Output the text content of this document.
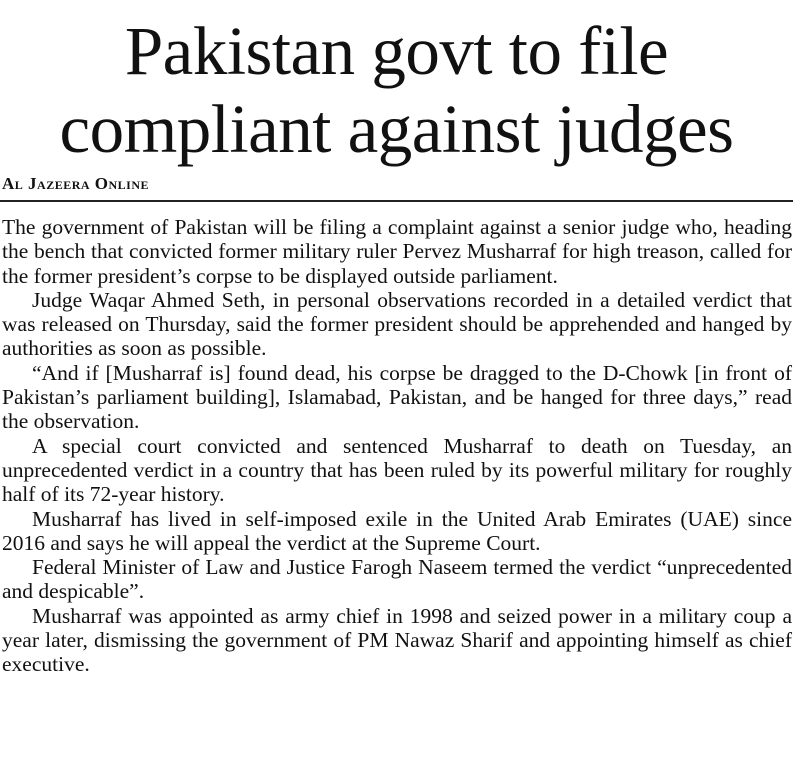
Pakistan govt to file
compliant against judges
Al Jazeera Online

The government of Pakistan will be filing a complaint against a senior judge who, heading the bench that convicted former military ruler Pervez Musharraf for high treason, called for the former president’s corpse to be displayed outside parliament.

Judge Waqar Ahmed Seth, in personal observations recorded in a detailed verdict that was released on Thursday, said the former president should be apprehended and hanged by authorities as soon as possible.

“And if [Musharraf is] found dead, his corpse be dragged to the D-Chowk [in front of Pakistan’s parliament building], Islamabad, Pakistan, and be hanged for three days,” read the observation.

A special court convicted and sentenced Musharraf to death on Tuesday, an unprecedented verdict in a country that has been ruled by its powerful military for roughly half of its 72-year history.

Musharraf has lived in self-imposed exile in the United Arab Emirates (UAE) since 2016 and says he will appeal the verdict at the Supreme Court.

Federal Minister of Law and Justice Farogh Naseem termed the verdict “unprecedented and despicable”.

Musharraf was appointed as army chief in 1998 and seized power in a military coup a year later, dismissing the government of PM Nawaz Sharif and appointing himself as chief executive.
